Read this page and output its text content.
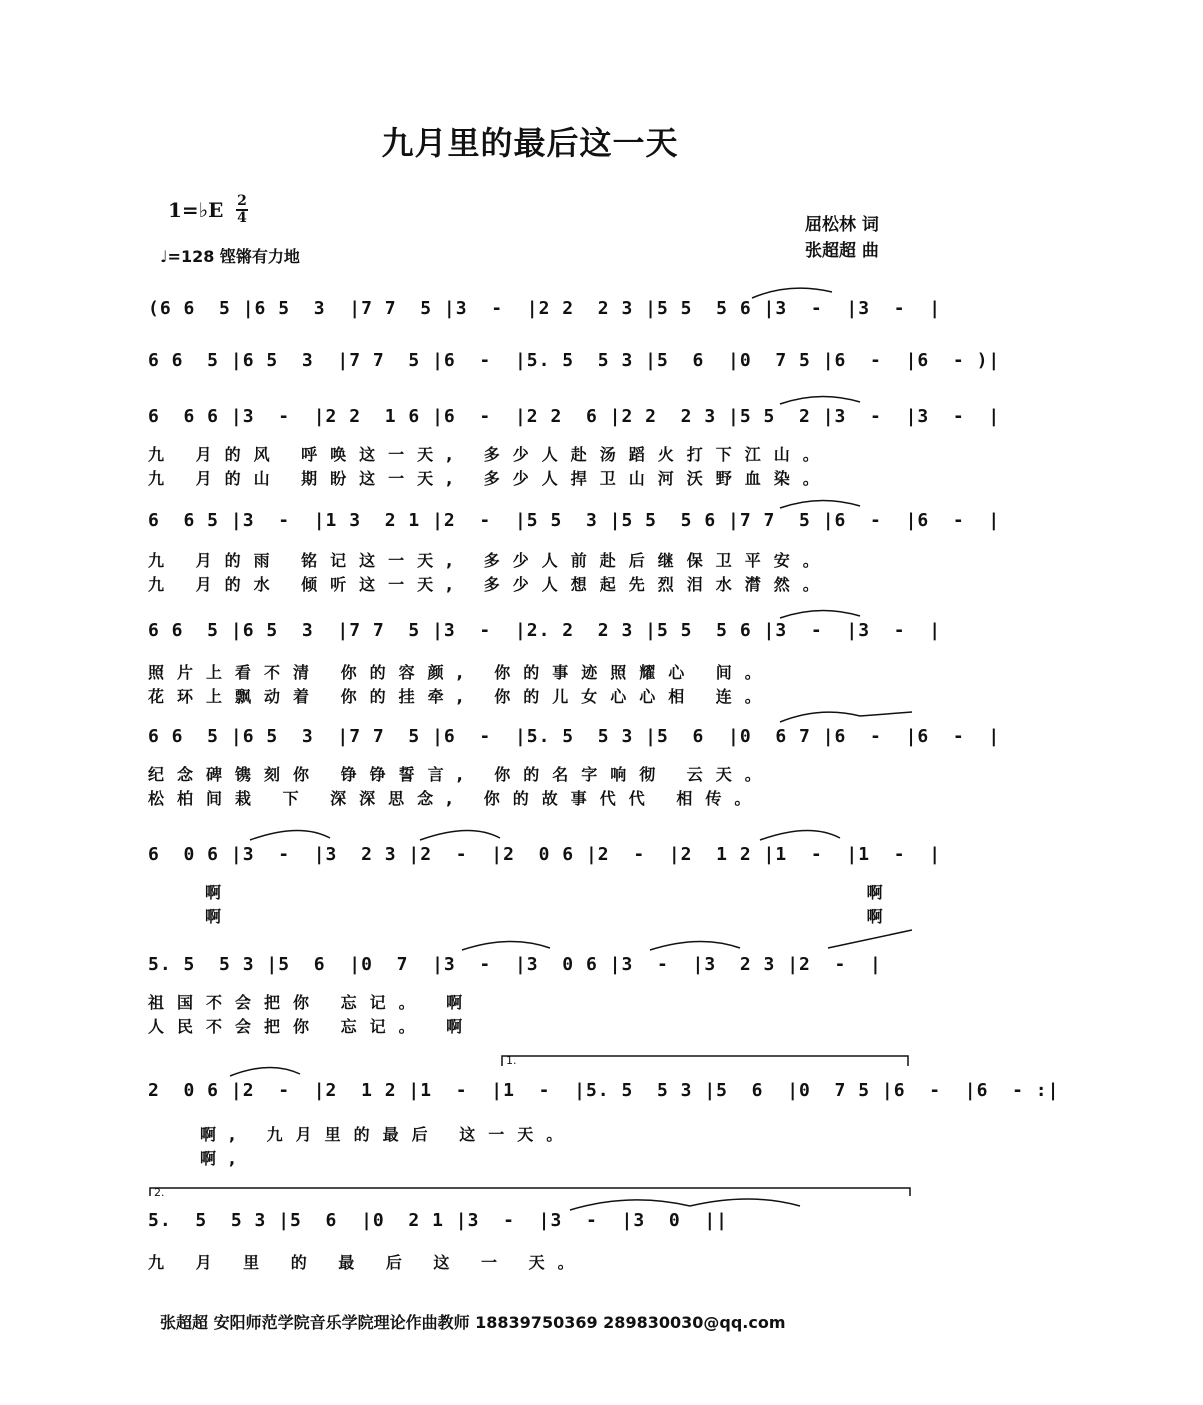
九月里的最后这一天
1=♭E 2
4
♩=128 铿锵有力地
屈松林 词
张超超 曲
(6 6  5 |6 5  3  |7 7  5 |3  -  |2 2  2 3 |5 5  5 6 |3  -  |3  -  |
6 6  5 |6 5  3  |7 7  5 |6  -  |5. 5  5 3 |5  6  |0  7 5 |6  -  |6  - )|
6  6 6 |3  -  |2 2  1 6 |6  -  |2 2  6 |2 2  2 3 |5 5  2 |3  -  |3  -  |
九 月的风 呼唤这一天, 多少人赴汤蹈火打下江山。
九 月的山 期盼这一天, 多少人捍卫山河沃野血染。
6  6 5 |3  -  |1 3  2 1 |2  -  |5 5  3 |5 5  5 6 |7 7  5 |6  -  |6  -  |
九 月的雨 铭记这一天, 多少人前赴后继保卫平安。
九 月的水 倾听这一天, 多少人想起先烈泪水潸然。
6 6  5 |6 5  3  |7 7  5 |3  -  |2. 2  2 3 |5 5  5 6 |3  -  |3  -  |
照片上看不清 你的容颜, 你的事迹照耀心 间。
花环上飘动着 你的挂牵, 你的儿女心心相 连。
6 6  5 |6 5  3  |7 7  5 |6  -  |5. 5  5 3 |5  6  |0  6 7 |6  -  |6  -  |
纪念碑镌刻你 铮铮誓言, 你的名字响彻 云天。
松柏间栽 下 深深思念, 你的故事代代 相传。
6  0 6 |3  -  |3  2 3 |2  -  |2  0 6 |2  -  |2  1 2 |1  -  |1  -  |
啊 啊
啊 啊
5. 5  5 3 |5  6  |0  7  |3  -  |3  0 6 |3  -  |3  2 3 |2  -  |
祖国不会把你 忘记。 啊
人民不会把你 忘记。 啊
1.
2  0 6 |2  -  |2  1 2 |1  -  |1  -  |5. 5  5 3 |5  6  |0  7 5 |6  -  |6  - :|
啊, 九月里的最后 这一天。
啊,
2.
5.  5  5 3 |5  6  |0  2 1 |3  -  |3  -  |3  0  ||
九 月 里 的 最 后 这 一 天。
张超超 安阳师范学院音乐学院理论作曲教师 18839750369 289830030@qq.com
